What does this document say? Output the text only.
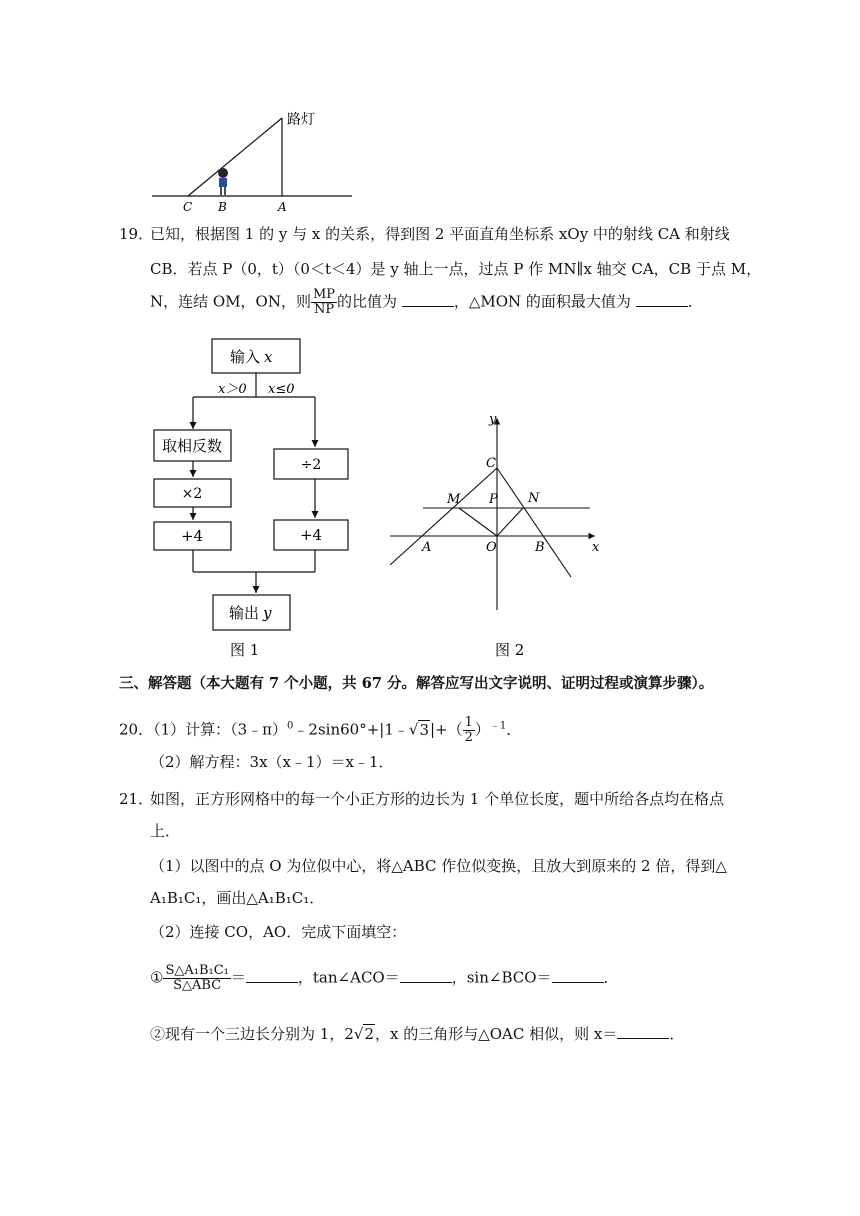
路灯
C B	A
19．
已知，根据图 1 的 y 与 x 的关系，得到图 2 平面直角坐标系 xOy 中的射线 CA 和射线
CB．若点 P（0，t）（0＜t＜4）是 y 轴上一点，过点 P 作 MN∥x 轴交 CA，CB 于点 M，
N，连结 OM，ON，则 $\frac{MP}{NP}$ 的比值为	，△MON 的面积最大值为	．
输入 x
x＞0 x≤0
取相反数
×2
+4
÷2
+4
输出 y
图 1
y
x
C
M P N
A	O	B
图 2
三、解答题（本大题有 7 个小题，共 67 分。解答应写出文字说明、证明过程或演算步骤）。
20．（1）计算：（3﹣π）$^0$﹣2sin60°+|1﹣√3|+（ $\frac{1}{2} )^{﹣1}$．
（2）解方程：3x（x﹣1）＝x﹣1．
21．
如图，正方形网格中的每一个小正方形的边长为 1 个单位长度，题中所给各点均在格点
上．
（1）以图中的点 O 为位似中心，将△ABC 作位似变换，且放大到原来的 2 倍，得到△
A₁B₁C₁，画出△A₁B₁C₁．
（2）连接 CO，AO．完成下面填空：
① $\frac{\text{S△A₁B₁C₁}}{\text{S△ABC}}$ ＝	，tan∠ACO＝	，sin∠BCO＝	．
②现有一个三边长分别为 1，2√2，x 的三角形与△OAC 相似，则 x＝	．
